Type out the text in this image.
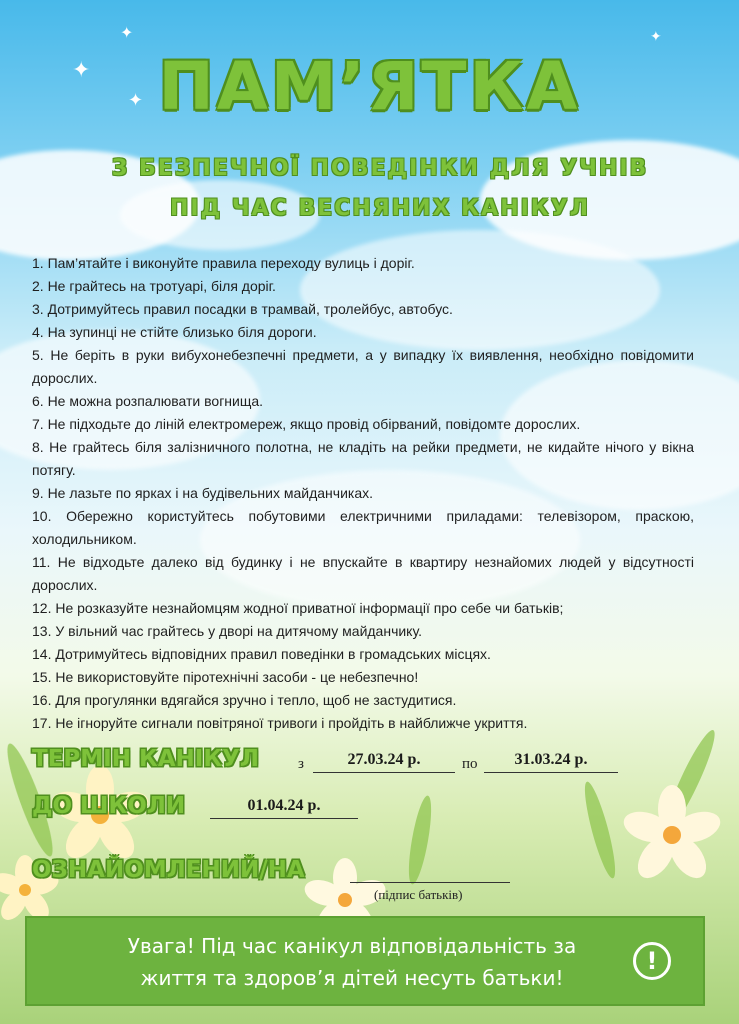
✦
✦
✦
✦
ПАМ’ЯТКА
З БЕЗПЕЧНОЇ ПОВЕДІНКИ ДЛЯ УЧНІВ
ПІД ЧАС ВЕСНЯНИХ КАНІКУЛ
1. Пам’ятайте і виконуйте правила переходу вулиць і доріг.
2. Не грайтесь на тротуарі, біля доріг.
3. Дотримуйтесь правил посадки в трамвай, тролейбус, автобус.
4. На зупинці не стійте близько біля дороги.
5. Не беріть в руки вибухонебезпечні предмети, а у випадку їх виявлення, необхідно повідомити дорослих.
6. Не можна розпалювати вогнища.
7. Не підходьте до ліній електромереж, якщо провід обірваний, повідомте дорослих.
8. Не грайтесь біля залізничного полотна, не кладіть на рейки предмети, не кидайте нічого у вікна потягу.
9. Не лазьте по ярках і на будівельних майданчиках.
10. Обережно користуйтесь побутовими електричними приладами: телевізором, праскою, холодильником.
11. Не відходьте далеко від будинку і не впускайте в квартиру незнайомих людей у відсутності дорослих.
12. Не розказуйте незнайомцям жодної приватної інформації про себе чи батьків;
13. У вільний час грайтесь у дворі на дитячому майданчику.
14. Дотримуйтесь відповідних правил поведінки в громадських місцях.
15. Не використовуйте піротехнічні засоби - це небезпечно!
16. Для прогулянки вдягайся зручно і тепло, щоб не застудитися.
17. Не ігноруйте сигнали повітряної тривоги і пройдіть в найближче укриття.
ТЕРМІН КАНІКУЛ	з	27.03.24 р.	по	31.03.24 р.
ДО ШКОЛИ	01.04.24 р.
ОЗНАЙОМЛЕНИЙ/НА
(підпис батьків)
Увага! Під час канікул відповідальність за
життя та здоров’я дітей несуть батьки!
!
